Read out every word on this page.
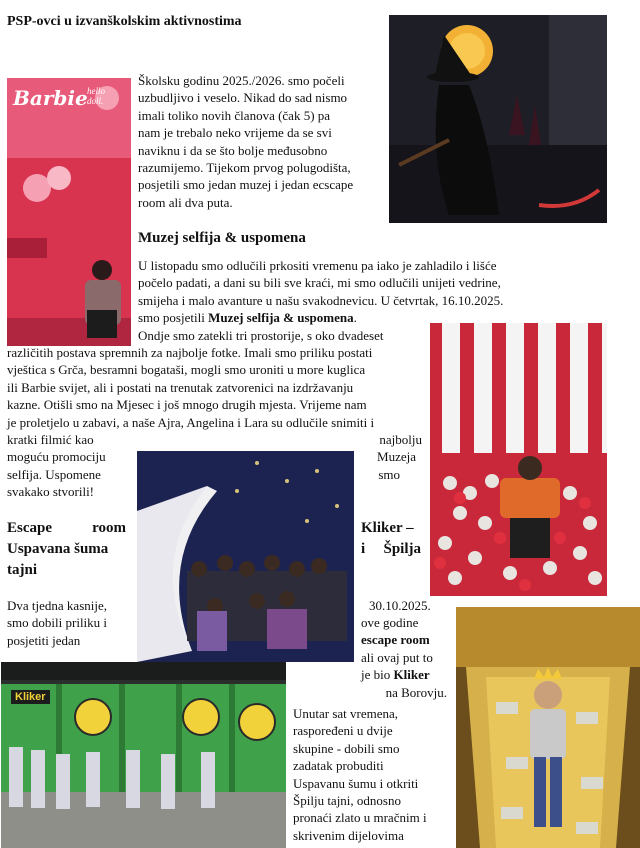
PSP-ovci u izvanškolskim aktivnostima
Barbie hello doll.
Školsku godinu 2025./2026. smo počeli
uzbudljivo i veselo. Nikad do sad nismo
imali toliko novih članova (čak 5) pa
nam je trebalo neko vrijeme da se svi
naviknu i da se što bolje međusobno
razumijemo. Tijekom prvog polugodišta,
posjetili smo jedan muzej i jedan ecscape
room ali dva puta.
Muzej selfija & uspomena
U listopadu smo odlučili prkositi vremenu pa iako je zahladilo i lišće
počelo padati, a dani su bili sve kraći, mi smo odlučili unijeti vedrine,
smijeha i malo avanture u našu svakodnevicu. U četvrtak, 16.10.2025.
smo posjetili Muzej selfija & uspomena.
Ondje smo zatekli tri prostorije, s oko dvadeset
različitih postava spremnih za najbolje fotke. Imali smo priliku postati
vještica s Grča, besramni bogataši, mogli smo uroniti u more kuglica
ili Barbie svijet, ali i postati na trenutak zatvorenici na izdržavanju
kazne. Otišli smo na Mjesec i još mnogo drugih mjesta. Vrijeme nam
je proletjelo u zabavi, a naše Ajra, Angelina i Lara su odlučile snimiti i
kratki filmić kao
moguću promociju
selfija. Uspomene
svakako stvorili!
najbolju
Muzeja
smo
Escape room
Uspavana šuma
tajni
Kliker –
i Špilja
Dva tjedna kasnije,
smo dobili priliku i
posjetiti jedan
30.10.2025.
ove godine
escape room
ali ovaj put to
je bio Kliker
na Borovju.
Kliker
Unutar sat vremena,
raspoređeni u dvije
skupine - dobili smo
zadatak probuditi
Uspavanu šumu i otkriti
Špilju tajni, odnosno
pronaći zlato u mračnim i
skrivenim dijelovima
